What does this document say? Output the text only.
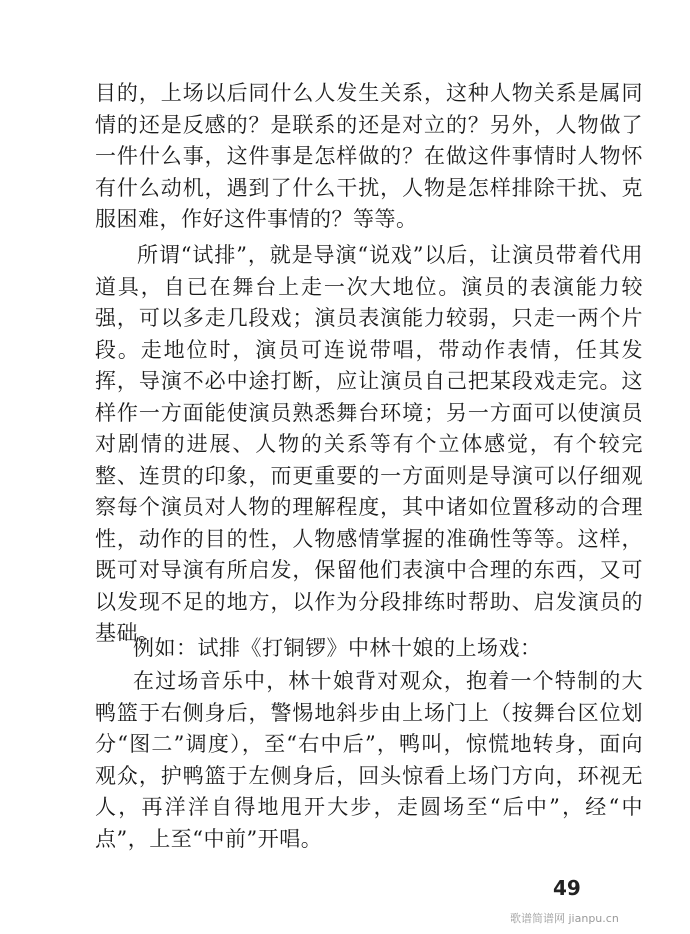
目的，上场以后同什么人发生关系，这种人物关系是属同情的还是反感的？是联系的还是对立的？另外，人物做了一件什么事，这件事是怎样做的？在做这件事情时人物怀有什么动机，遇到了什么干扰，人物是怎样排除干扰、克服困难，作好这件事情的？等等。

所谓“试排”，就是导演“说戏”以后，让演员带着代用道具，自已在舞台上走一次大地位。演员的表演能力较强，可以多走几段戏；演员表演能力较弱，只走一两个片段。走地位时，演员可连说带唱，带动作表情，任其发挥，导演不必中途打断，应让演员自己把某段戏走完。这样作一方面能使演员熟悉舞台环境；另一方面可以使演员对剧情的进展、人物的关系等有个立体感觉，有个较完整、连贯的印象，而更重要的一方面则是导演可以仔细观察每个演员对人物的理解程度，其中诸如位置移动的合理性，动作的目的性，人物感情掌握的准确性等等。这样，既可对导演有所启发，保留他们表演中合理的东西，又可以发现不足的地方，以作为分段排练时帮助、启发演员的基础。

例如：试排《打铜锣》中林十娘的上场戏：

在过场音乐中，林十娘背对观众，抱着一个特制的大鸭篮于右侧身后，警惕地斜步由上场门上（按舞台区位划分“图二”调度），至“右中后”，鸭叫，惊慌地转身，面向观众，护鸭篮于左侧身后，回头惊看上场门方向，环视无人，再洋洋自得地甩开大步，走圆场至“后中”，经“中点”，上至“中前”开唱。

49
歌谱简谱网 jianpu.cn
